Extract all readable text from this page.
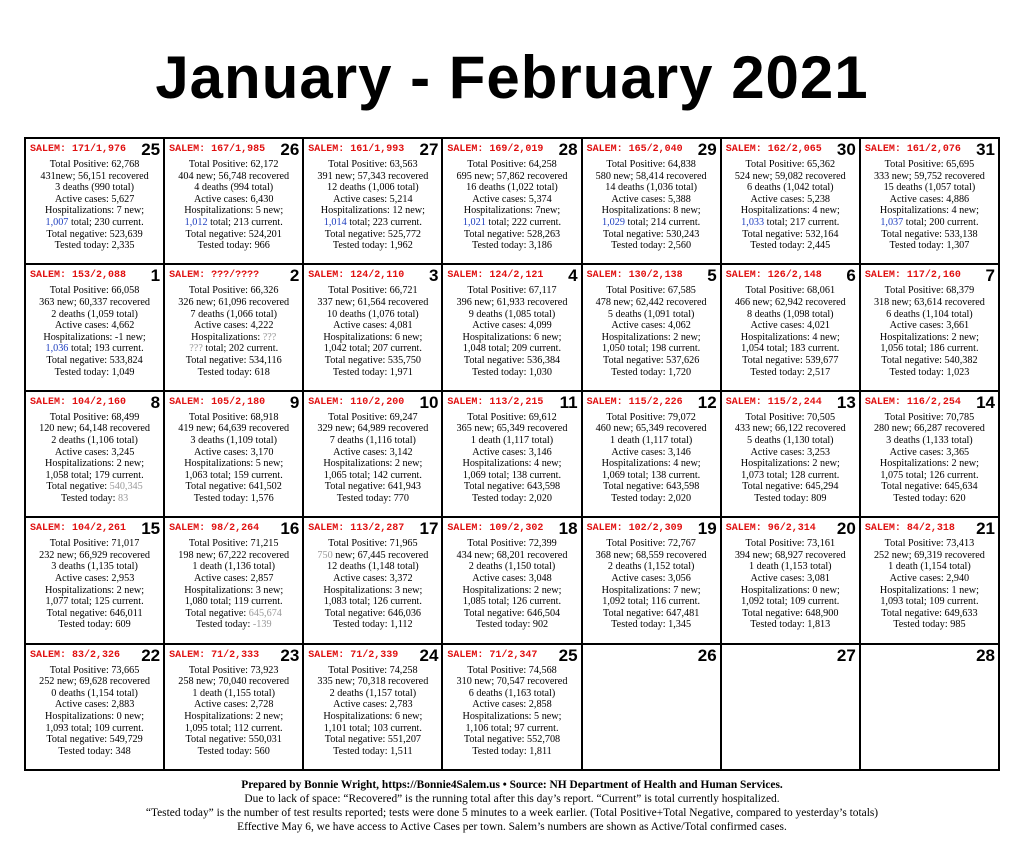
January - February 2021
SALEM: 171/1,976 25
Total Positive: 62,768
431new; 56,151 recovered
3 deaths (990 total)
Active cases: 5,627
Hospitalizations: 7 new;
1,007 total; 230 current.
Total negative: 523,639
Tested today: 2,335
SALEM: 167/1,985 26
Total Positive: 62,172
404 new; 56,748 recovered
4 deaths (994 total)
Active cases: 6,430
Hospitalizations: 5 new;
1,012 total; 213 current.
Total negative: 524,201
Tested today: 966
SALEM: 161/1,993 27
Total Positive: 63,563
391 new; 57,343 recovered
12 deaths (1,006 total)
Active cases: 5,214
Hospitalizations: 12 new;
1,014 total; 223 current.
Total negative: 525,772
Tested today: 1,962
SALEM: 169/2,019 28
Total Positive: 64,258
695 new; 57,862 recovered
16 deaths (1,022 total)
Active cases: 5,374
Hospitalizations: 7new;
1,021 total; 222 current.
Total negative: 528,263
Tested today: 3,186
SALEM: 165/2,040 29
Total Positive: 64,838
580 new; 58,414 recovered
14 deaths (1,036 total)
Active cases: 5,388
Hospitalizations: 8 new;
1,029 total; 214 current.
Total negative: 530,243
Tested today: 2,560
SALEM: 162/2,065 30
Total Positive: 65,362
524 new; 59,082 recovered
6 deaths (1,042 total)
Active cases: 5,238
Hospitalizations: 4 new;
1,033 total; 217 current.
Total negative: 532,164
Tested today: 2,445
SALEM: 161/2,076 31
Total Positive: 65,695
333 new; 59,752 recovered
15 deaths (1,057 total)
Active cases: 4,886
Hospitalizations: 4 new;
1,037 total; 200 current.
Total negative: 533,138
Tested today: 1,307
SALEM: 153/2,088 1
Total Positive: 66,058
363 new; 60,337 recovered
2 deaths (1,059 total)
Active cases: 4,662
Hospitalizations: -1 new;
1,036 total; 193 current.
Total negative: 533,824
Tested today: 1,049
SALEM: ???/???? 2
Total Positive: 66,326
326 new; 61,096 recovered
7 deaths (1,066 total)
Active cases: 4,222
Hospitalizations: ???
??? total; 202 current.
Total negative: 534,116
Tested today: 618
SALEM: 124/2,110 3
Total Positive: 66,721
337 new; 61,564 recovered
10 deaths (1,076 total)
Active cases: 4,081
Hospitalizations: 6 new;
1,042 total; 207 current.
Total negative: 535,750
Tested today: 1,971
SALEM: 124/2,121 4
Total Positive: 67,117
396 new; 61,933 recovered
9 deaths (1,085 total)
Active cases: 4,099
Hospitalizations: 6 new;
1,048 total; 209 current.
Total negative: 536,384
Tested today: 1,030
SALEM: 130/2,138 5
Total Positive: 67,585
478 new; 62,442 recovered
5 deaths (1,091 total)
Active cases: 4,062
Hospitalizations: 2 new;
1,050 total; 198 current.
Total negative: 537,626
Tested today: 1,720
SALEM: 126/2,148 6
Total Positive: 68,061
466 new; 62,942 recovered
8 deaths (1,098 total)
Active cases: 4,021
Hospitalizations: 4 new;
1,054 total; 183 current.
Total negative: 539,677
Tested today: 2,517
SALEM: 117/2,160 7
Total Positive: 68,379
318 new; 63,614 recovered
6 deaths (1,104 total)
Active cases: 3,661
Hospitalizations: 2 new;
1,056 total; 186 current.
Total negative: 540,382
Tested today: 1,023
SALEM: 104/2,160 8
Total Positive: 68,499
120 new; 64,148 recovered
2 deaths (1,106 total)
Active cases: 3,245
Hospitalizations: 2 new;
1,058 total; 179 current.
Total negative: 540,345
Tested today: 83
SALEM: 105/2,180 9
Total Positive: 68,918
419 new; 64,639 recovered
3 deaths (1,109 total)
Active cases: 3,170
Hospitalizations: 5 new;
1,063 total; 159 current.
Total negative: 641,502
Tested today: 1,576
SALEM: 110/2,200 10
Total Positive: 69,247
329 new; 64,989 recovered
7 deaths (1,116 total)
Active cases: 3,142
Hospitalizations: 2 new;
1,065 total; 142 current.
Total negative: 641,943
Tested today: 770
SALEM: 113/2,215 11
Total Positive: 69,612
365 new; 65,349 recovered
1 death (1,117 total)
Active cases: 3,146
Hospitalizations: 4 new;
1,069 total; 138 current.
Total negative: 643,598
Tested today: 2,020
SALEM: 115/2,226 12
Total Positive: 79,072
460 new; 65,349 recovered
1 death (1,117 total)
Active cases: 3,146
Hospitalizations: 4 new;
1,069 total; 138 current.
Total negative: 643,598
Tested today: 2,020
SALEM: 115/2,244 13
Total Positive: 70,505
433 new; 66,122 recovered
5 deaths (1,130 total)
Active cases: 3,253
Hospitalizations: 2 new;
1,073 total; 128 current.
Total negative: 645,294
Tested today: 809
SALEM: 116/2,254 14
Total Positive: 70,785
280 new; 66,287 recovered
3 deaths (1,133 total)
Active cases: 3,365
Hospitalizations: 2 new;
1,075 total; 126 current.
Total negative: 645,634
Tested today: 620
SALEM: 104/2,261 15
Total Positive: 71,017
232 new; 66,929 recovered
3 deaths (1,135 total)
Active cases: 2,953
Hospitalizations: 2 new;
1,077 total; 125 current.
Total negative: 646,011
Tested today: 609
SALEM: 98/2,264 16
Total Positive: 71,215
198 new; 67,222 recovered
1 death (1,136 total)
Active cases: 2,857
Hospitalizations: 3 new;
1,080 total; 119 current.
Total negative: 645,674
Tested today: -139
SALEM: 113/2,287 17
Total Positive: 71,965
750 new; 67,445 recovered
12 deaths (1,148 total)
Active cases: 3,372
Hospitalizations: 3 new;
1,083 total; 126 current.
Total negative: 646,036
Tested today: 1,112
SALEM: 109/2,302 18
Total Positive: 72,399
434 new; 68,201 recovered
2 deaths (1,150 total)
Active cases: 3,048
Hospitalizations: 2 new;
1,085 total; 126 current.
Total negative: 646,504
Tested today: 902
SALEM: 102/2,309 19
Total Positive: 72,767
368 new; 68,559 recovered
2 deaths (1,152 total)
Active cases: 3,056
Hospitalizations: 7 new;
1,092 total; 116 current.
Total negative: 647,481
Tested today: 1,345
SALEM: 96/2,314 20
Total Positive: 73,161
394 new; 68,927 recovered
1 death (1,153 total)
Active cases: 3,081
Hospitalizations: 0 new;
1,092 total; 109 current.
Total negative: 648,900
Tested today: 1,813
SALEM: 84/2,318 21
Total Positive: 73,413
252 new; 69,319 recovered
1 death (1,154 total)
Active cases: 2,940
Hospitalizations: 1 new;
1,093 total; 109 current.
Total negative: 649,633
Tested today: 985
SALEM: 83/2,326 22
Total Positive: 73,665
252 new; 69,628 recovered
0 deaths (1,154 total)
Active cases: 2,883
Hospitalizations: 0 new;
1,093 total; 109 current.
Total negative: 549,729
Tested today: 348
SALEM: 71/2,333 23
Total Positive: 73,923
258 new; 70,040 recovered
1 death (1,155 total)
Active cases: 2,728
Hospitalizations: 2 new;
1,095 total; 112 current.
Total negative: 550,031
Tested today: 560
SALEM: 71/2,339 24
Total Positive: 74,258
335 new; 70,318 recovered
2 deaths (1,157 total)
Active cases: 2,783
Hospitalizations: 6 new;
1,101 total; 103 current.
Total negative: 551,207
Tested today: 1,511
SALEM: 71/2,347 25
Total Positive: 74,568
310 new; 70,547 recovered
6 deaths (1,163 total)
Active cases: 2,858
Hospitalizations: 5 new;
1,106 total; 97 current.
Total negative: 552,708
Tested today: 1,811
26	27	28
Prepared by Bonnie Wright, https://Bonnie4Salem.us • Source: NH Department of Health and Human Services.
Due to lack of space: “Recovered” is the running total after this day’s report. “Current” is total currently hospitalized.
“Tested today” is the number of test results reported; tests were done 5 minutes to a week earlier. (Total Positive+Total Negative, compared to yesterday’s totals)
Effective May 6, we have access to Active Cases per town. Salem’s numbers are shown as Active/Total confirmed cases.
